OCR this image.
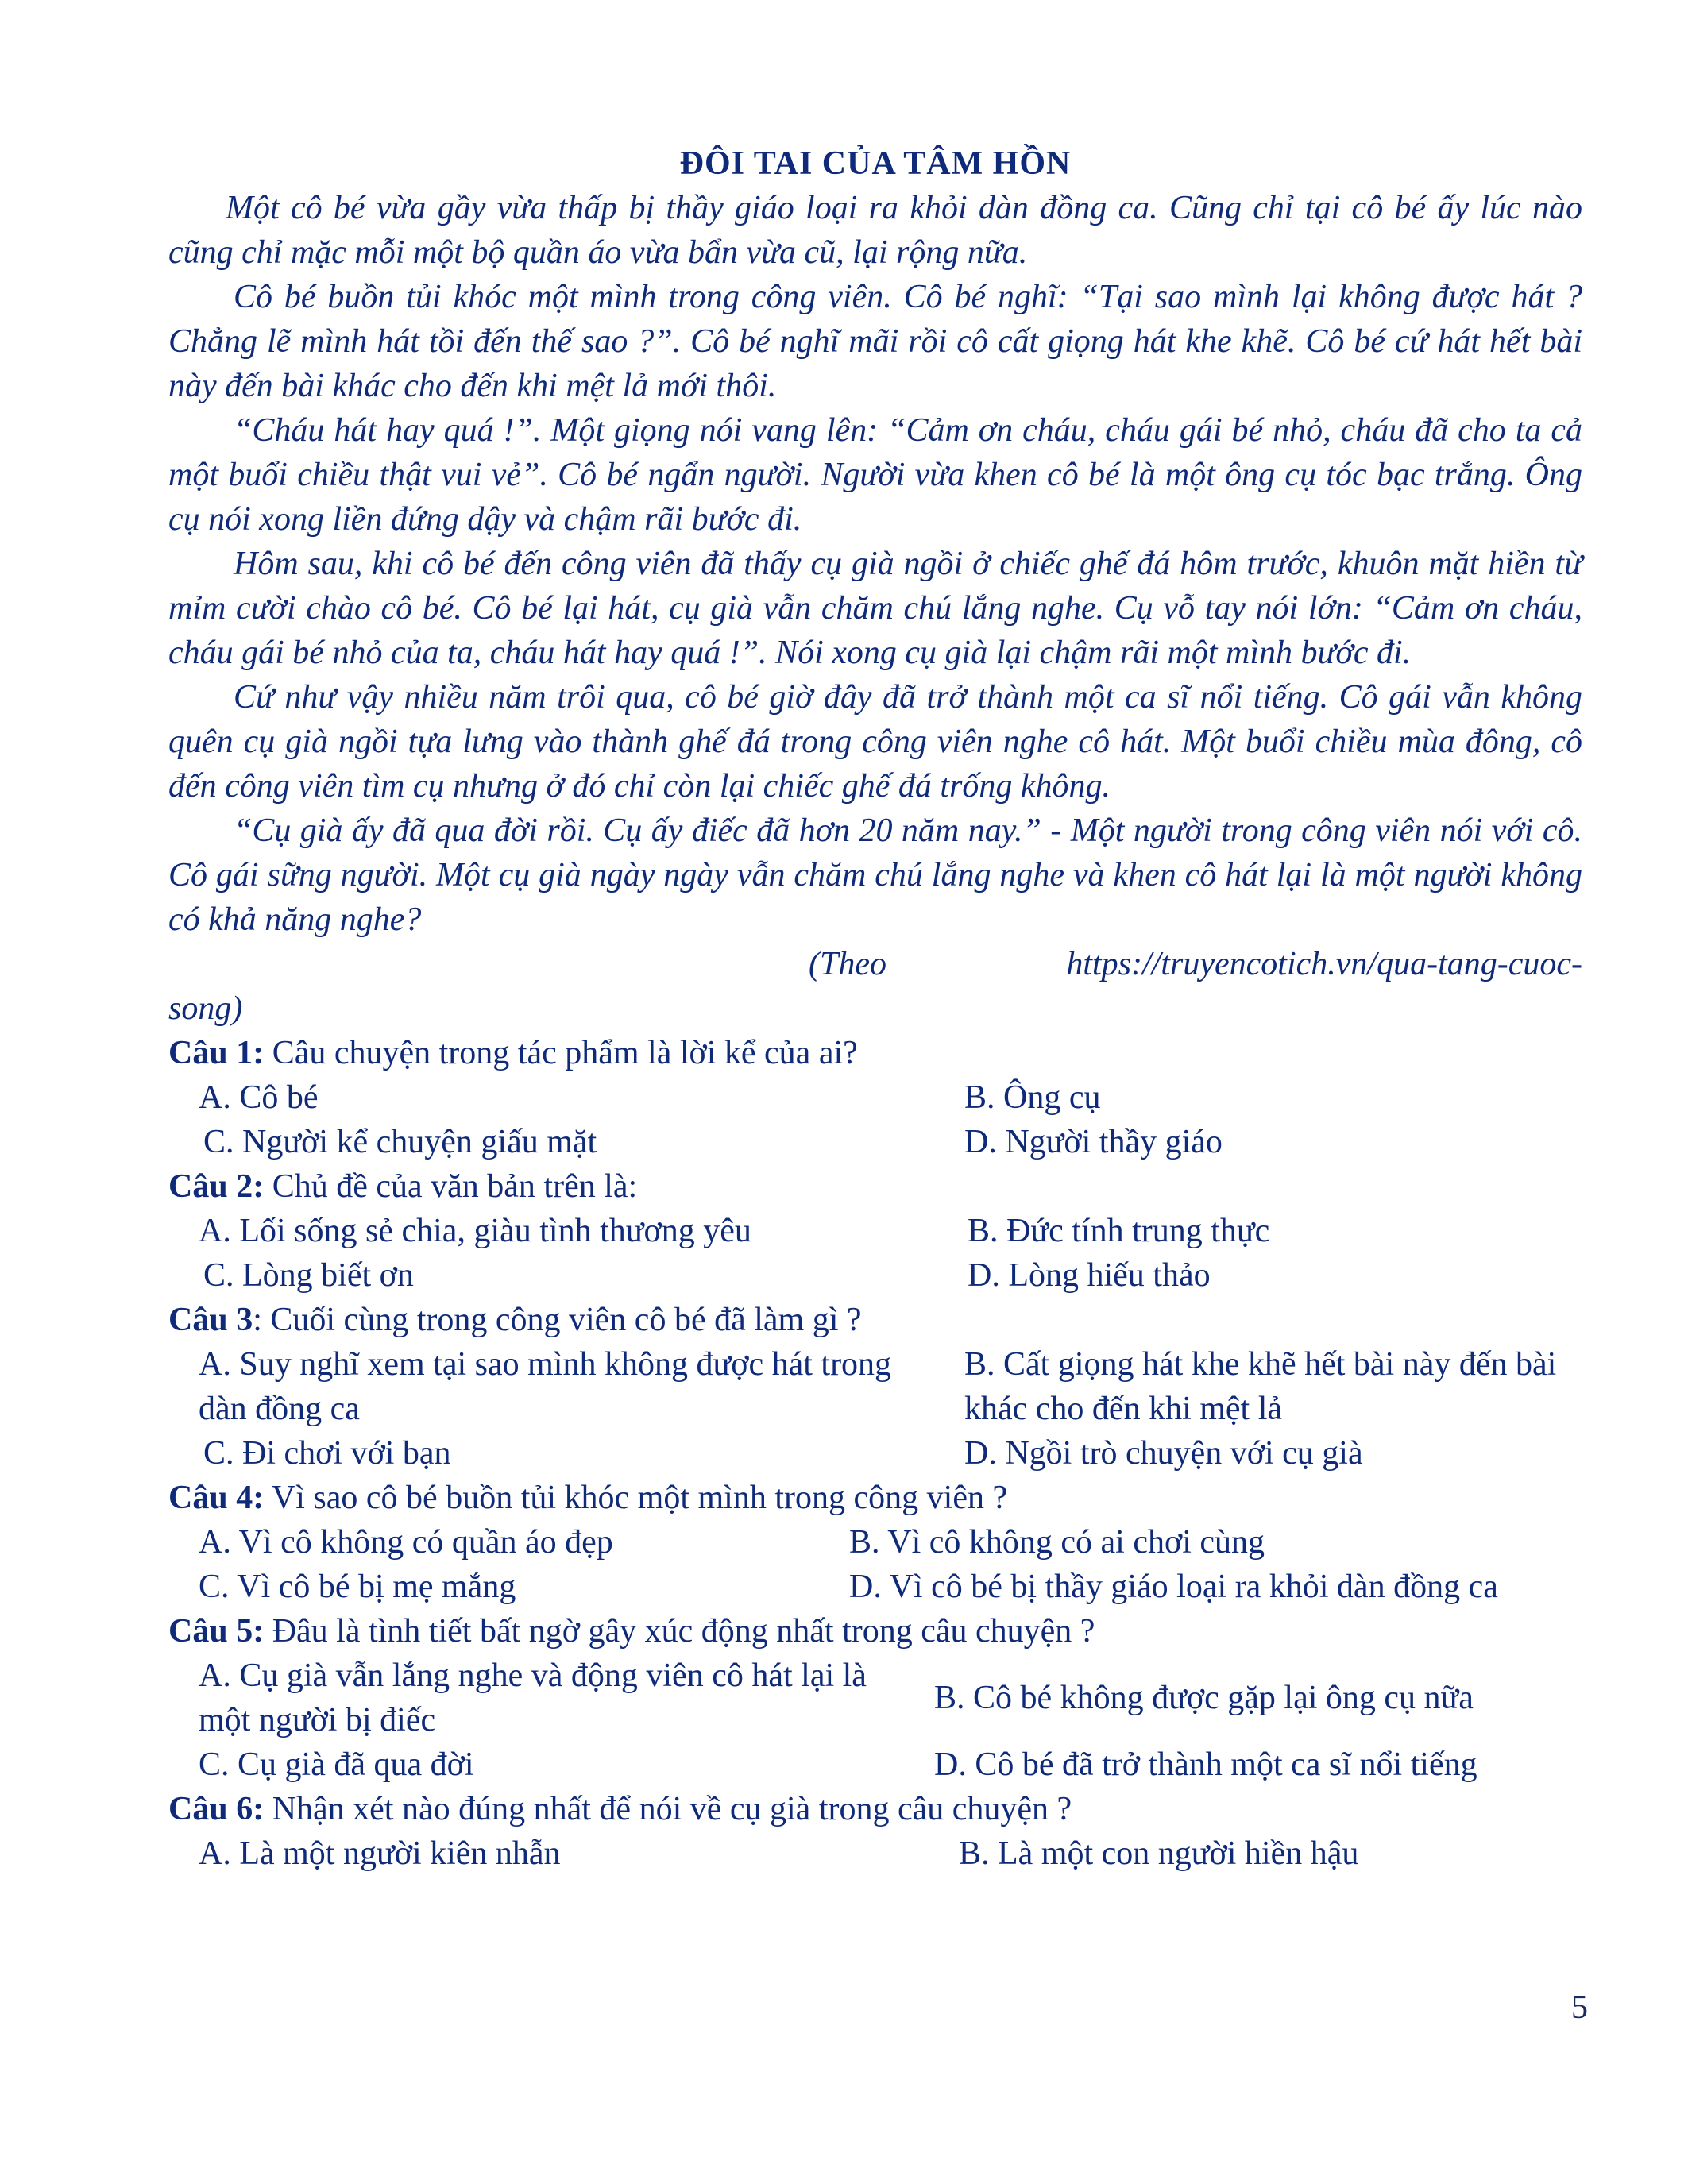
ĐÔI TAI CỦA TÂM HỒN

Một cô bé vừa gầy vừa thấp bị thầy giáo loại ra khỏi dàn đồng ca. Cũng chỉ tại cô bé ấy lúc nào cũng chỉ mặc mỗi một bộ quần áo vừa bẩn vừa cũ, lại rộng nữa.

Cô bé buồn tủi khóc một mình trong công viên. Cô bé nghĩ: “Tại sao mình lại không được hát ? Chẳng lẽ mình hát tồi đến thế sao ?”. Cô bé nghĩ mãi rồi cô cất giọng hát khe khẽ. Cô bé cứ hát hết bài này đến bài khác cho đến khi mệt lả mới thôi.

“Cháu hát hay quá !”. Một giọng nói vang lên: “Cảm ơn cháu, cháu gái bé nhỏ, cháu đã cho ta cả một buổi chiều thật vui vẻ”. Cô bé ngẩn người. Người vừa khen cô bé là một ông cụ tóc bạc trắng. Ông cụ nói xong liền đứng dậy và chậm rãi bước đi.

Hôm sau, khi cô bé đến công viên đã thấy cụ già ngồi ở chiếc ghế đá hôm trước, khuôn mặt hiền từ mỉm cười chào cô bé. Cô bé lại hát, cụ già vẫn chăm chú lắng nghe. Cụ vỗ tay nói lớn: “Cảm ơn cháu, cháu gái bé nhỏ của ta, cháu hát hay quá !”. Nói xong cụ già lại chậm rãi một mình bước đi.

Cứ như vậy nhiều năm trôi qua, cô bé giờ đây đã trở thành một ca sĩ nổi tiếng. Cô gái vẫn không quên cụ già ngồi tựa lưng vào thành ghế đá trong công viên nghe cô hát. Một buổi chiều mùa đông, cô đến công viên tìm cụ nhưng ở đó chỉ còn lại chiếc ghế đá trống không.

“Cụ già ấy đã qua đời rồi. Cụ ấy điếc đã hơn 20 năm nay.” - Một người trong công viên nói với cô. Cô gái sững người. Một cụ già ngày ngày vẫn chăm chú lắng nghe và khen cô hát lại là một người không có khả năng nghe?

(Theo	https://truyencotich.vn/qua-tang-cuoc-
song)

Câu 1: Câu chuyện trong tác phẩm là lời kể của ai?

A. Cô bé	B. Ông cụ
C. Người kể chuyện giấu mặt	D. Người thầy giáo

Câu 2: Chủ đề của văn bản trên là:

A. Lối sống sẻ chia, giàu tình thương yêu	B. Đức tính trung thực
C. Lòng biết ơn	D. Lòng hiếu thảo

Câu 3: Cuối cùng trong công viên cô bé đã làm gì ?

A. Suy nghĩ xem tại sao mình không được hát trong dàn đồng ca
B. Cất giọng hát khe khẽ hết bài này đến bài khác cho đến khi mệt lả
C. Đi chơi với bạn	D. Ngồi trò chuyện với cụ già

Câu 4: Vì sao cô bé buồn tủi khóc một mình trong công viên ?

A. Vì cô không có quần áo đẹp	B. Vì cô không có ai chơi cùng
C. Vì cô bé bị mẹ mắng	D. Vì cô bé bị thầy giáo loại ra khỏi dàn đồng ca

Câu 5: Đâu là tình tiết bất ngờ gây xúc động nhất trong câu chuyện ?

A. Cụ già vẫn lắng nghe và động viên cô hát lại là một người bị điếc
B. Cô bé không được gặp lại ông cụ nữa
C. Cụ già đã qua đời	D. Cô bé đã trở thành một ca sĩ nổi tiếng

Câu 6: Nhận xét nào đúng nhất để nói về cụ già trong câu chuyện ?

A. Là một người kiên nhẫn	B. Là một con người hiền hậu
5
